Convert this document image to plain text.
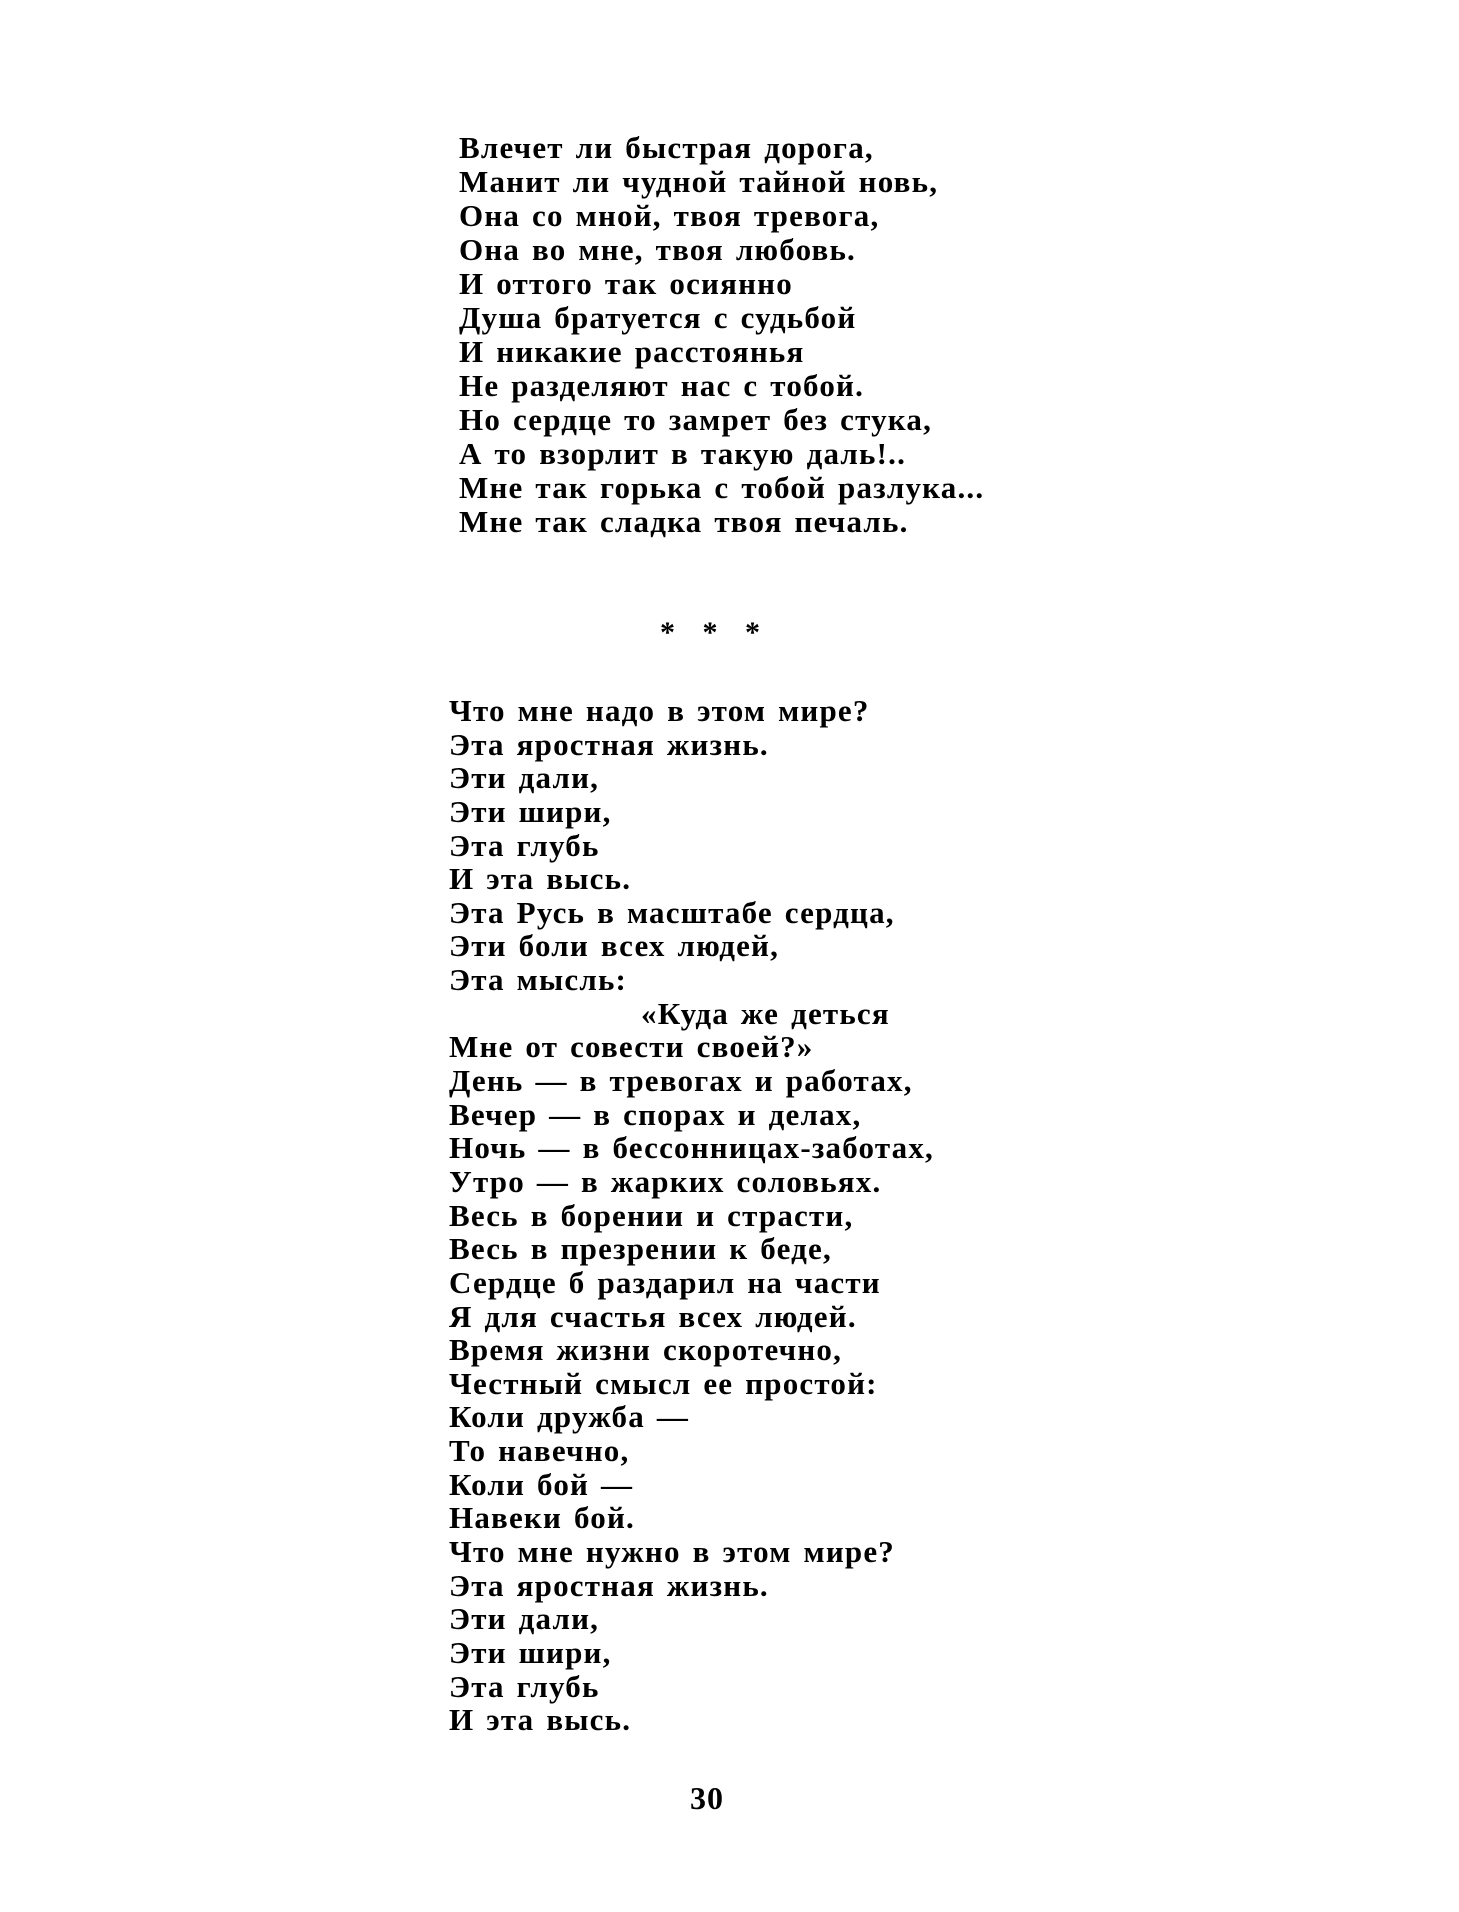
Влечет ли быстрая дорога,
Манит ли чудной тайной новь,
Она со мной, твоя тревога,
Она во мне, твоя любовь.
И оттого так осиянно
Душа братуется с судьбой
И никакие расстоянья
Не разделяют нас с тобой.
Но сердце то замрет без стука,
А то взорлит в такую даль!..
Мне так горька с тобой разлука...
Мне так сладка твоя печаль.
* * *
Что мне надо в этом мире?
Эта яростная жизнь.
Эти дали,
Эти шири,
Эта глубь
И эта высь.
Эта Русь в масштабе сердца,
Эти боли всех людей,
Эта мысль:
«Куда же деться
Мне от совести своей?»
День — в тревогах и работах,
Вечер — в спорах и делах,
Ночь — в бессонницах-заботах,
Утро — в жарких соловьях.
Весь в борении и страсти,
Весь в презрении к беде,
Сердце б раздарил на части
Я для счастья всех людей.
Время жизни скоротечно,
Честный смысл ее простой:
Коли дружба —
То навечно,
Коли бой —
Навеки бой.
Что мне нужно в этом мире?
Эта яростная жизнь.
Эти дали,
Эти шири,
Эта глубь
И эта высь.
30
